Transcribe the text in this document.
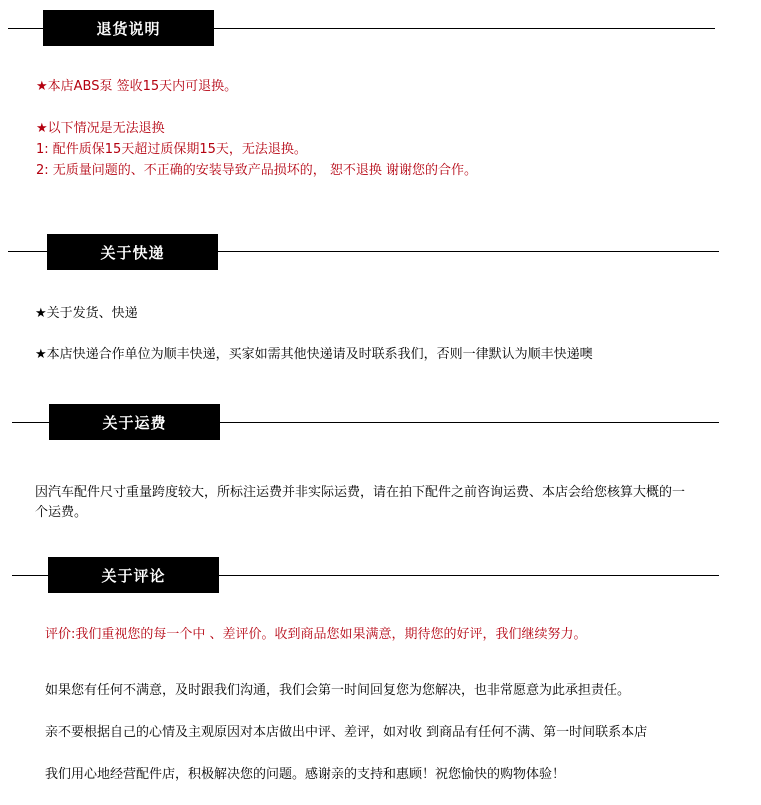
退货说明
★本店ABS泵 签收15天内可退换。
★以下情况是无法退换
1: 配件质保15天超过质保期15天，无法退换。
2: 无质量问题的、不正确的安装导致产品损坏的， 恕不退换 谢谢您的合作。
关于快递
★关于发货、快递
★本店快递合作单位为顺丰快递，买家如需其他快递请及时联系我们，否则一律默认为顺丰快递噢
关于运费
因汽车配件尺寸重量跨度较大，所标注运费并非实际运费，请在拍下配件之前咨询运费、本店会给您核算大概的一个运费。
关于评论
评价:我们重视您的每一个中 、差评价。收到商品您如果满意，期待您的好评，我们继续努力。
如果您有任何不满意，及时跟我们沟通，我们会第一时间回复您为您解决，也非常愿意为此承担责任。
亲不要根据自己的心情及主观原因对本店做出中评、差评，如对收 到商品有任何不满、第一时间联系本店
我们用心地经营配件店，积极解决您的问题。感谢亲的支持和惠顾！祝您愉快的购物体验！
